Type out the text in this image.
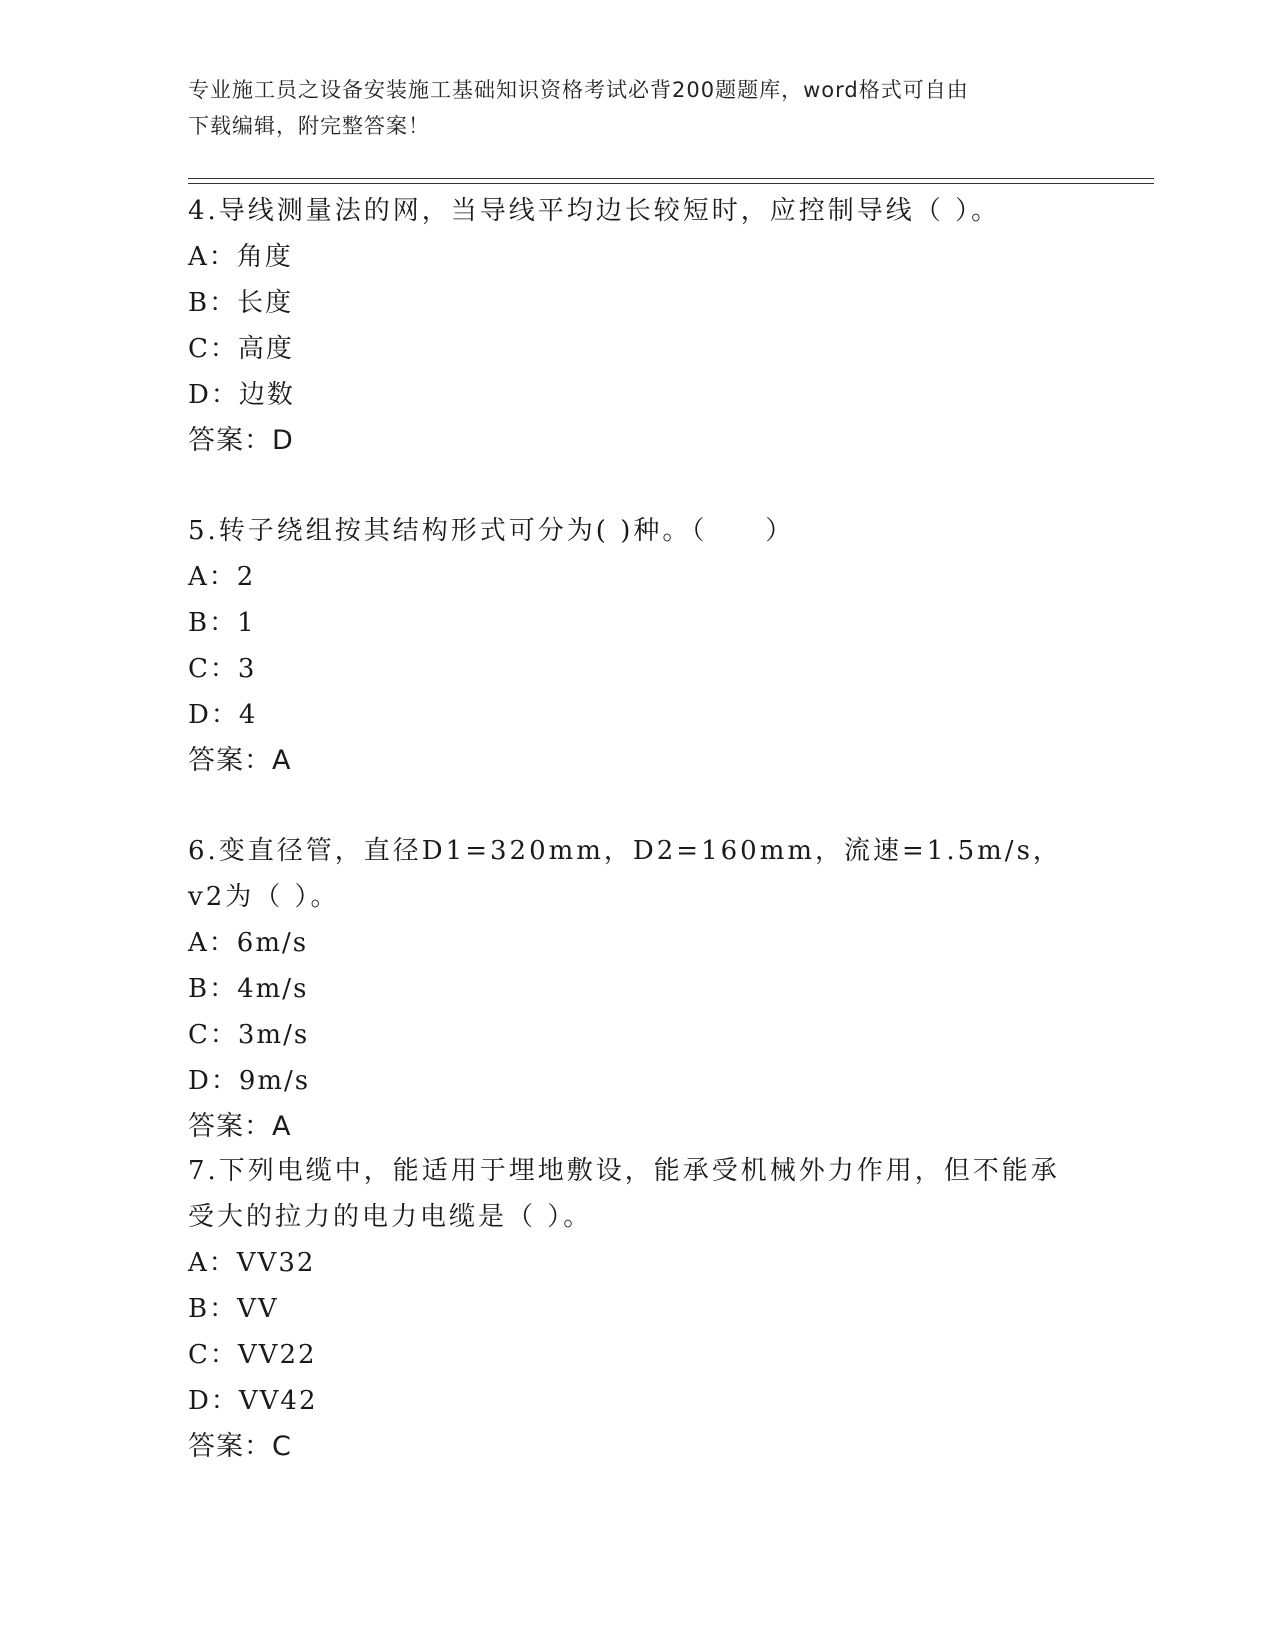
专业施工员之设备安装施工基础知识资格考试必背200题题库，word格式可自由
下载编辑，附完整答案！
4.导线测量法的网，当导线平均边长较短时，应控制导线（ ）。
A：角度
B：长度
C：高度
D：边数
答案：D
5.转子绕组按其结构形式可分为( )种。（　　）
A：2
B：1
C：3
D：4
答案：A
6.变直径管，直径D1=320mm，D2=160mm，流速=1.5m/s，v2为（ ）。
A：6m/s
B：4m/s
C：3m/s
D：9m/s
答案：A
7.下列电缆中，能适用于埋地敷设，能承受机械外力作用，但不能承
受大的拉力的电力电缆是（ ）。
A：VV32
B：VV
C：VV22
D：VV42
答案：C
